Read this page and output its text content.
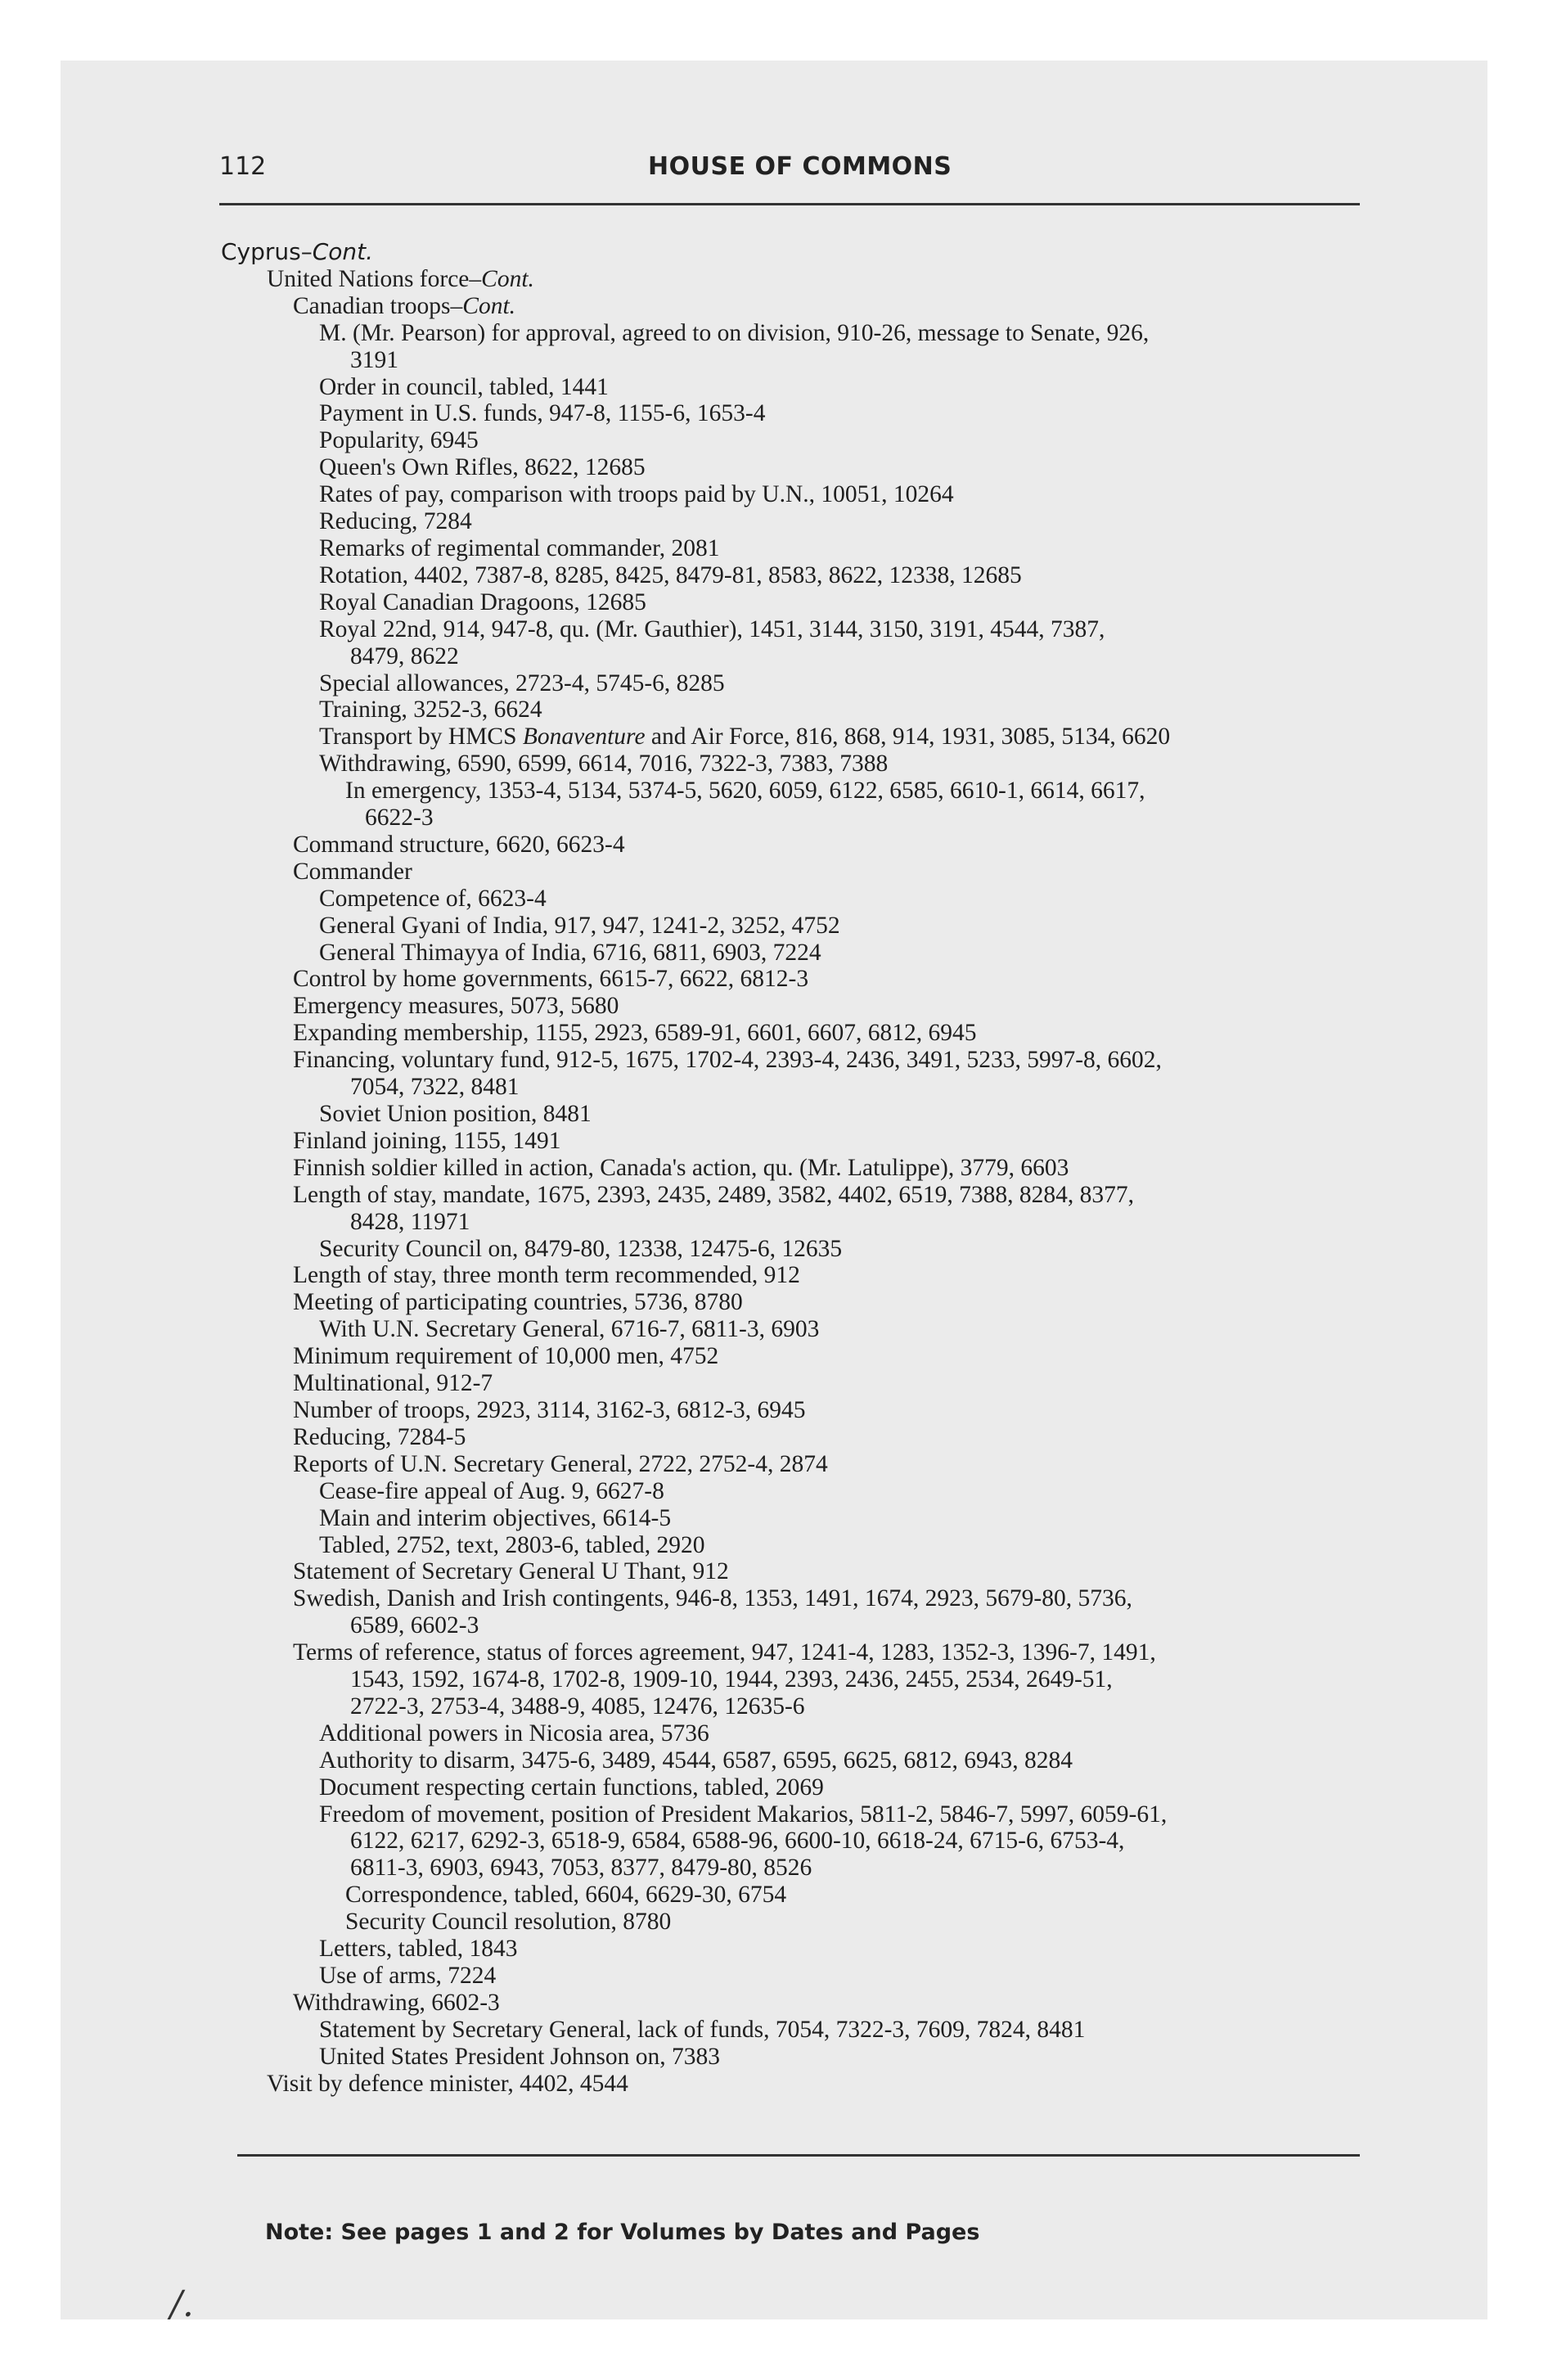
112	HOUSE OF COMMONS
Cyprus–Cont.
United Nations force–Cont.
Canadian troops–Cont.
M. (Mr. Pearson) for approval, agreed to on division, 910-26, message to Senate, 926,
3191
Order in council, tabled, 1441
Payment in U.S. funds, 947-8, 1155-6, 1653-4
Popularity, 6945
Queen's Own Rifles, 8622, 12685
Rates of pay, comparison with troops paid by U.N., 10051, 10264
Reducing, 7284
Remarks of regimental commander, 2081
Rotation, 4402, 7387-8, 8285, 8425, 8479-81, 8583, 8622, 12338, 12685
Royal Canadian Dragoons, 12685
Royal 22nd, 914, 947-8, qu. (Mr. Gauthier), 1451, 3144, 3150, 3191, 4544, 7387,
8479, 8622
Special allowances, 2723-4, 5745-6, 8285
Training, 3252-3, 6624
Transport by HMCS Bonaventure and Air Force, 816, 868, 914, 1931, 3085, 5134, 6620
Withdrawing, 6590, 6599, 6614, 7016, 7322-3, 7383, 7388
In emergency, 1353-4, 5134, 5374-5, 5620, 6059, 6122, 6585, 6610-1, 6614, 6617,
6622-3
Command structure, 6620, 6623-4
Commander
Competence of, 6623-4
General Gyani of India, 917, 947, 1241-2, 3252, 4752
General Thimayya of India, 6716, 6811, 6903, 7224
Control by home governments, 6615-7, 6622, 6812-3
Emergency measures, 5073, 5680
Expanding membership, 1155, 2923, 6589-91, 6601, 6607, 6812, 6945
Financing, voluntary fund, 912-5, 1675, 1702-4, 2393-4, 2436, 3491, 5233, 5997-8, 6602,
7054, 7322, 8481
Soviet Union position, 8481
Finland joining, 1155, 1491
Finnish soldier killed in action, Canada's action, qu. (Mr. Latulippe), 3779, 6603
Length of stay, mandate, 1675, 2393, 2435, 2489, 3582, 4402, 6519, 7388, 8284, 8377,
8428, 11971
Security Council on, 8479-80, 12338, 12475-6, 12635
Length of stay, three month term recommended, 912
Meeting of participating countries, 5736, 8780
With U.N. Secretary General, 6716-7, 6811-3, 6903
Minimum requirement of 10,000 men, 4752
Multinational, 912-7
Number of troops, 2923, 3114, 3162-3, 6812-3, 6945
Reducing, 7284-5
Reports of U.N. Secretary General, 2722, 2752-4, 2874
Cease-fire appeal of Aug. 9, 6627-8
Main and interim objectives, 6614-5
Tabled, 2752, text, 2803-6, tabled, 2920
Statement of Secretary General U Thant, 912
Swedish, Danish and Irish contingents, 946-8, 1353, 1491, 1674, 2923, 5679-80, 5736,
6589, 6602-3
Terms of reference, status of forces agreement, 947, 1241-4, 1283, 1352-3, 1396-7, 1491,
1543, 1592, 1674-8, 1702-8, 1909-10, 1944, 2393, 2436, 2455, 2534, 2649-51,
2722-3, 2753-4, 3488-9, 4085, 12476, 12635-6
Additional powers in Nicosia area, 5736
Authority to disarm, 3475-6, 3489, 4544, 6587, 6595, 6625, 6812, 6943, 8284
Document respecting certain functions, tabled, 2069
Freedom of movement, position of President Makarios, 5811-2, 5846-7, 5997, 6059-61,
6122, 6217, 6292-3, 6518-9, 6584, 6588-96, 6600-10, 6618-24, 6715-6, 6753-4,
6811-3, 6903, 6943, 7053, 8377, 8479-80, 8526
Correspondence, tabled, 6604, 6629-30, 6754
Security Council resolution, 8780
Letters, tabled, 1843
Use of arms, 7224
Withdrawing, 6602-3
Statement by Secretary General, lack of funds, 7054, 7322-3, 7609, 7824, 8481
United States President Johnson on, 7383
Visit by defence minister, 4402, 4544
Note: See pages 1 and 2 for Volumes by Dates and Pages
/.
